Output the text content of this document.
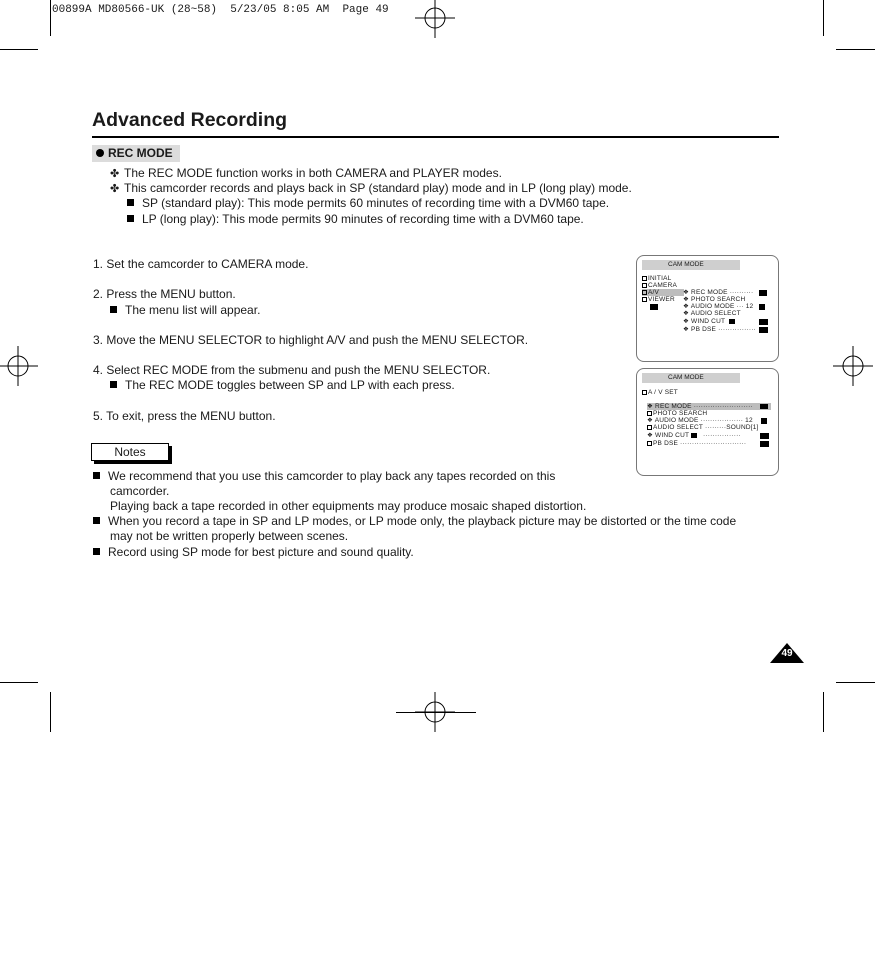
00899A MD80566-UK (28~58)  5/23/05 8:05 AM  Page 49
Advanced Recording
REC MODE
✤ The REC MODE function works in both CAMERA and PLAYER modes.
✤ This camcorder records and plays back in SP (standard play) mode and in LP (long play) mode.
SP (standard play): This mode permits 60 minutes of recording time with a DVM60 tape.
LP (long play): This mode permits 90 minutes of recording time with a DVM60 tape.
1. Set the camcorder to CAMERA mode.
2. Press the MENU button.
The menu list will appear.
3. Move the MENU SELECTOR to highlight A/V and push the MENU SELECTOR.
4. Select REC MODE from the submenu and push the MENU SELECTOR.
The REC MODE toggles between SP and LP with each press.
5. To exit, press the MENU button.
Notes
We recommend that you use this camcorder to play back any tapes recorded on this
camcorder.
Playing back a tape recorded in other equipments may produce mosaic shaped distortion.
When you record a tape in SP and LP modes, or LP mode only, the playback picture may be distorted or the time code
may not be written properly between scenes.
Record using SP mode for best picture and sound quality.
CAM MODE
INITIAL
CAMERA
A/V
VIEWER
❖ REC MODE ··········
❖ PHOTO SEARCH
❖ AUDIO MODE ··· 12
❖ AUDIO SELECT
❖ WIND CUT
❖ PB DSE ················
CAM MODE
A / V SET
❖ REC MODE ·························
PHOTO SEARCH
❖ AUDIO MODE ·················· 12
AUDIO SELECT ·········SOUND[1]
❖ WIND CUT ················
PB DSE ····························
49
